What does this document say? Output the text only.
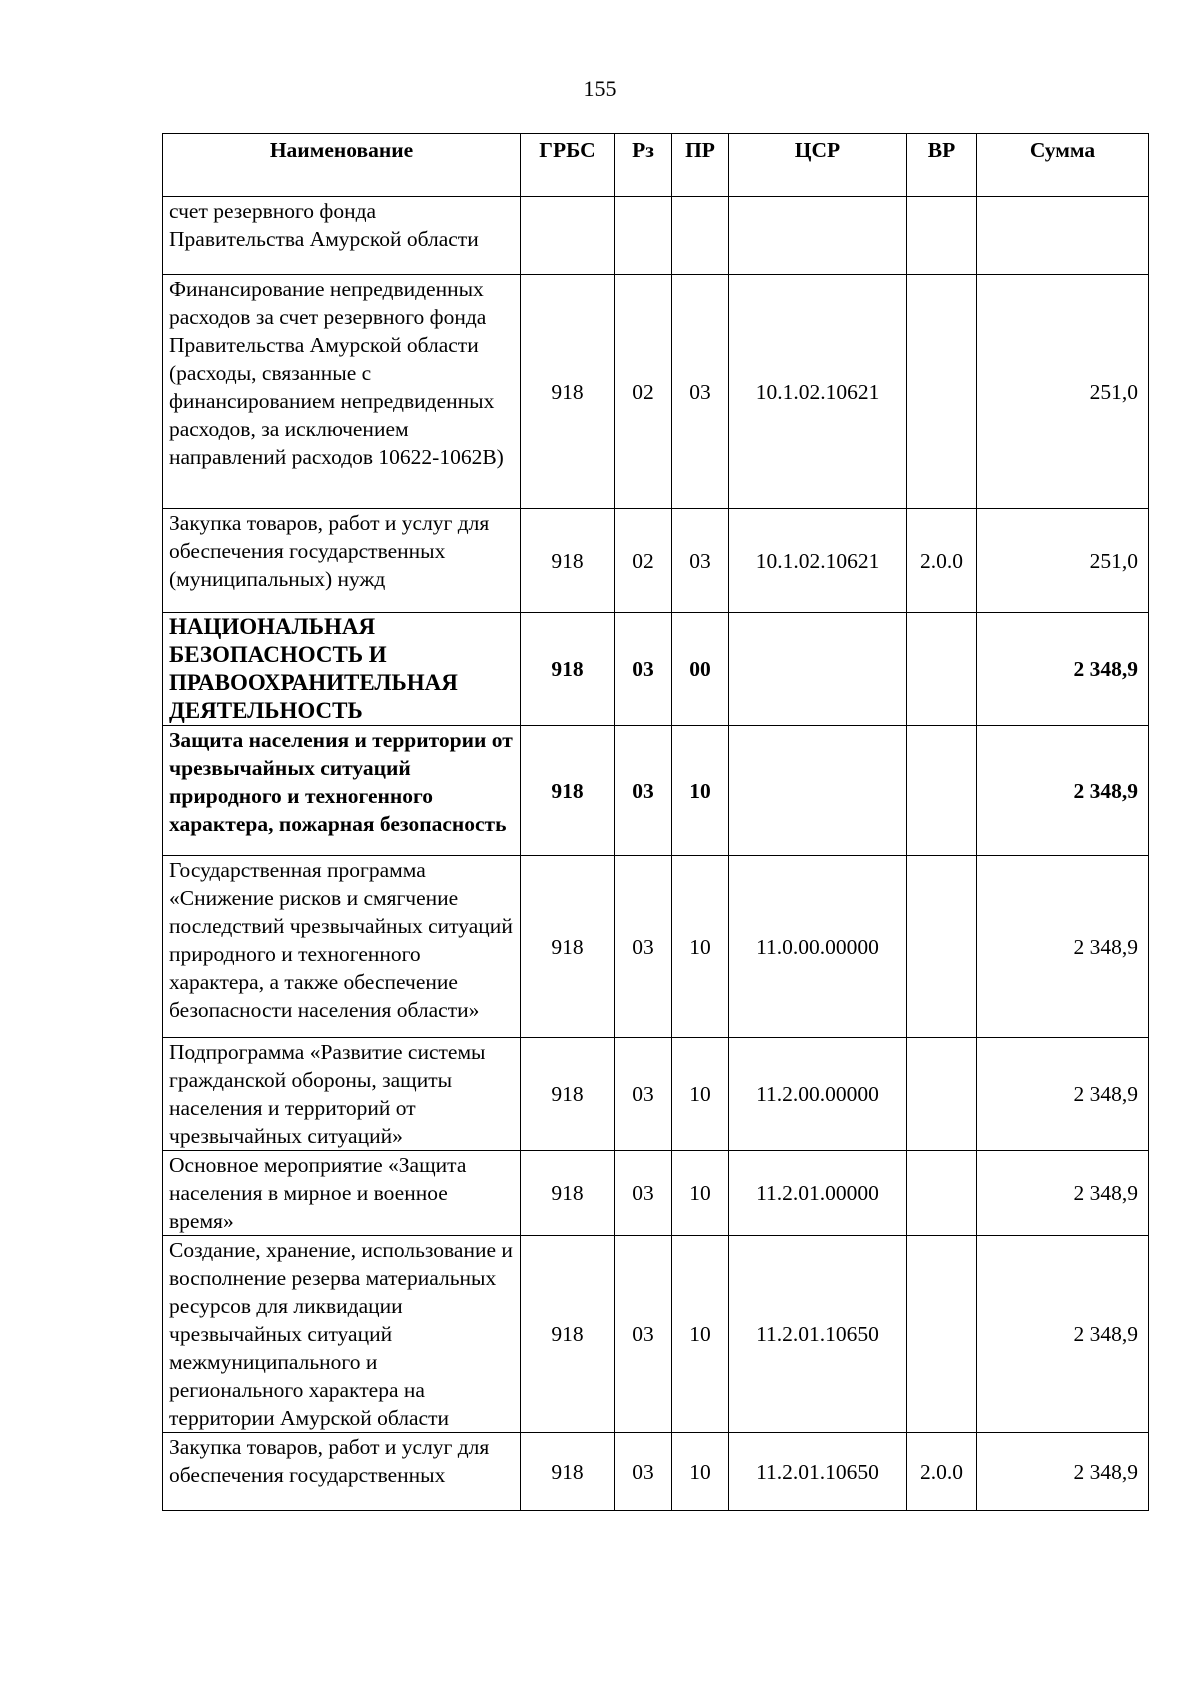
155
Наименование	ГРБС	Рз	ПР	ЦСР	ВР	Сумма
счет резервного фонда Правительства Амурской области						
Финансирование непредвиденных расходов за счет резервного фонда Правительства Амурской области (расходы, связанные с финансированием непредвиденных расходов, за исключением направлений расходов 10622-1062В)	918	02	03	10.1.02.10621		251,0
Закупка товаров, работ и услуг для обеспечения государственных (муниципальных) нужд	918	02	03	10.1.02.10621	2.0.0	251,0
НАЦИОНАЛЬНАЯ БЕЗОПАСНОСТЬ И ПРАВООХРАНИТЕЛЬНАЯ ДЕЯТЕЛЬНОСТЬ	918	03	00			2 348,9
Защита населения и территории от чрезвычайных ситуаций природного и техногенного характера, пожарная безопасность	918	03	10			2 348,9
Государственная программа «Снижение рисков и смягчение последствий чрезвычайных ситуаций природного и техногенного характера, а также обеспечение безопасности населения области»	918	03	10	11.0.00.00000		2 348,9
Подпрограмма «Развитие системы гражданской обороны, защиты населения и территорий от чрезвычайных ситуаций»	918	03	10	11.2.00.00000		2 348,9
Основное мероприятие «Защита населения в мирное и военное время»	918	03	10	11.2.01.00000		2 348,9
Создание, хранение, использование и восполнение резерва материальных ресурсов для ликвидации чрезвычайных ситуаций межмуниципального и регионального характера на территории Амурской области	918	03	10	11.2.01.10650		2 348,9
Закупка товаров, работ и услуг для обеспечения государственных	918	03	10	11.2.01.10650	2.0.0	2 348,9
